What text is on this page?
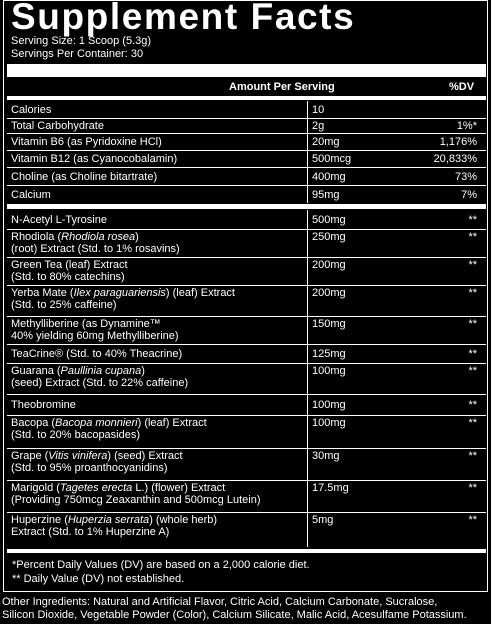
Supplement Facts
Serving Size: 1 Scoop (5.3g)
Servings Per Container: 30
Amount Per Serving	%DV
Calories	10
Total Carbohydrate	2g	1%*
Vitamin B6 (as Pyridoxine HCl)	20mg	1,176%
Vitamin B12 (as Cyanocobalamin)	500mcg	20,833%
Choline (as Choline bitartrate)	400mg	73%
Calcium	95mg	7%
N-Acetyl L-Tyrosine	500mg	**
Rhodiola (Rhodiola rosea)
(root) Extract (Std. to 1% rosavins)
250mg	**
Green Tea (leaf) Extract
(Std. to 80% catechins)
200mg	**
Yerba Mate (Ilex paraguariensis) (leaf) Extract
(Std. to 25% caffeine)
200mg	**
Methylliberine (as Dynamine™
40% yielding 60mg Methylliberine)
150mg	**
TeaCrine® (Std. to 40% Theacrine)	125mg	**
Guarana (Paullinia cupana)
(seed) Extract (Std. to 22% caffeine)
100mg	**
Theobromine	100mg	**
Bacopa (Bacopa monnieri) (leaf) Extract
(Std. to 20% bacopasides)
100mg	**
Grape (Vitis vinifera) (seed) Extract
(Std. to 95% proanthocyanidins)
30mg	**
Marigold (Tagetes erecta L.) (flower) Extract
(Providing 750mcg Zeaxanthin and 500mcg Lutein)
17.5mg	**
Huperzine (Huperzia serrata) (whole herb)
Extract (Std. to 1% Huperzine A)
5mg	**
*Percent Daily Values (DV) are based on a 2,000 calorie diet.
** Daily Value (DV) not established.
Other Ingredients: Natural and Artificial Flavor, Citric Acid, Calcium Carbonate, Sucralose,
Silicon Dioxide, Vegetable Powder (Color), Calcium Silicate, Malic Acid, Acesulfame Potassium.
